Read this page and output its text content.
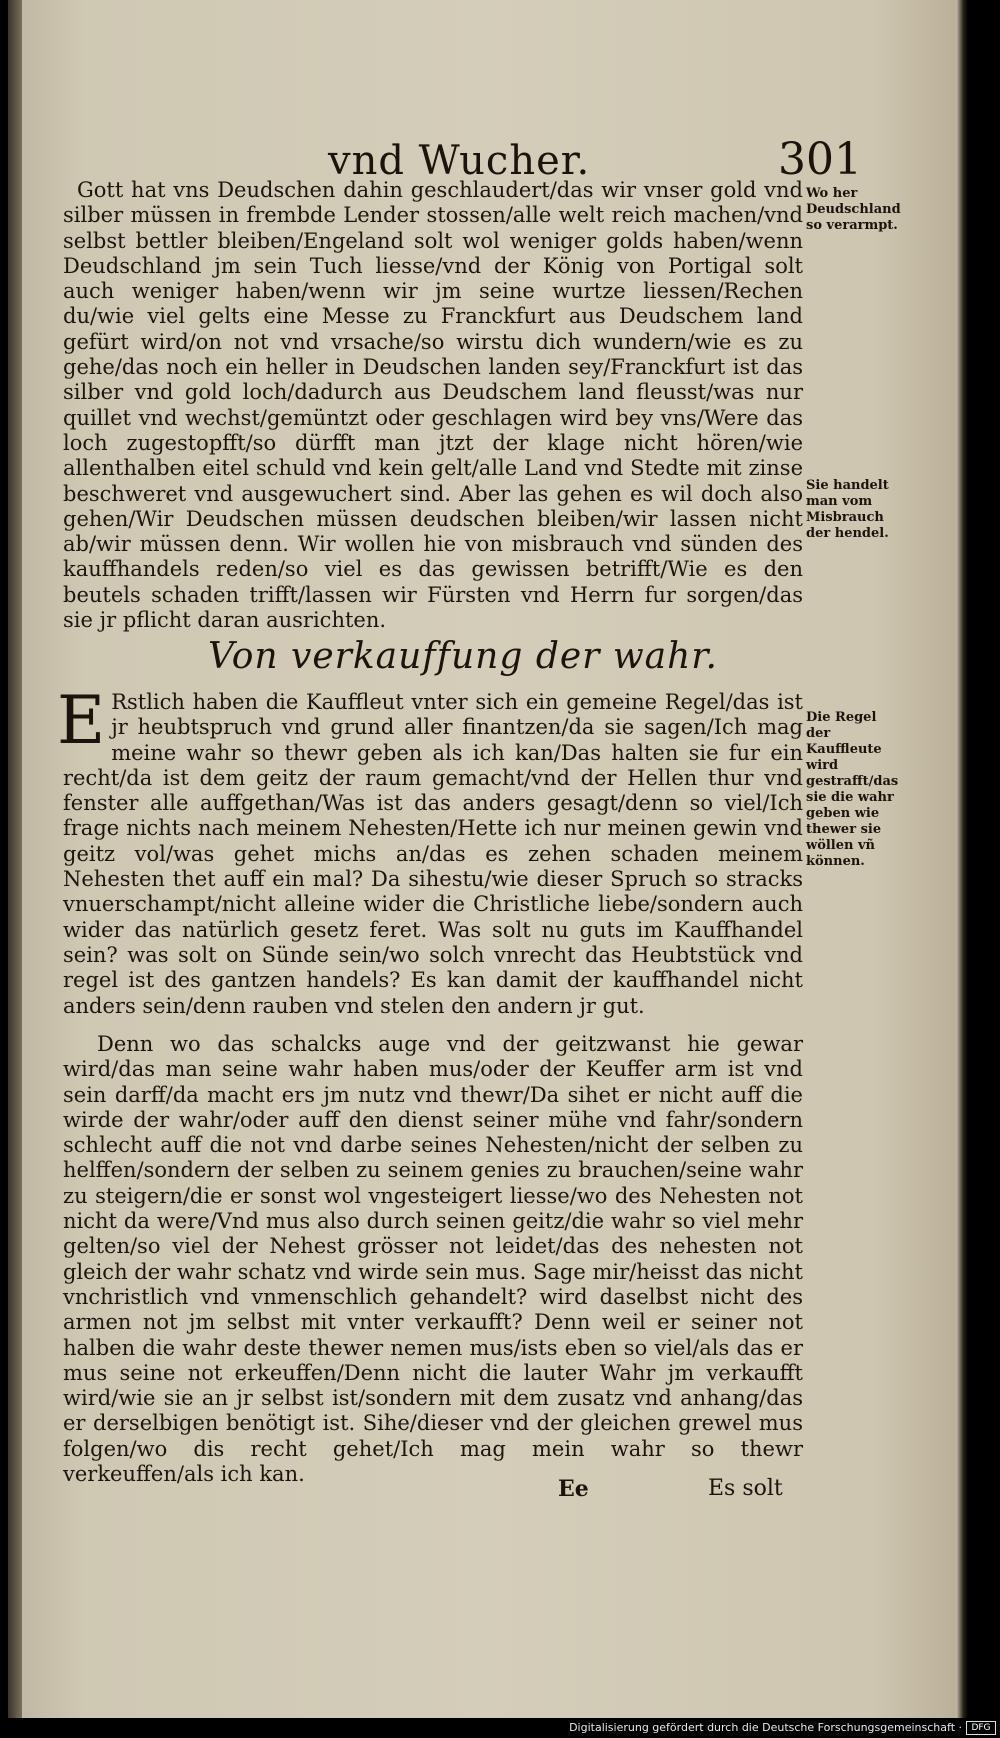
vnd Wucher.	301
Gott hat vns Deudschen dahin geschlaudert/das wir vnser gold vnd silber müssen in frembde Lender stossen/alle welt reich machen/vnd selbst bettler bleiben/Engeland solt wol weniger golds haben/wenn Deudschland jm sein Tuch liesse/vnd der König von Portigal solt auch weniger haben/wenn wir jm seine wurtze liessen/Rechen du/wie viel gelts eine Messe zu Franckfurt aus Deudschem land gefürt wird/on not vnd vrsache/so wirstu dich wundern/wie es zu gehe/das noch ein heller in Deudschen landen sey/Franckfurt ist das silber vnd gold loch/dadurch aus Deudschem land fleusst/was nur quillet vnd wechst/gemüntzt oder geschlagen wird bey vns/Were das loch zugestopfft/so dürfft man jtzt der klage nicht hören/wie allenthalben eitel schuld vnd kein gelt/alle Land vnd Stedte mit zinse beschweret vnd ausgewuchert sind. Aber las gehen es wil doch also gehen/Wir Deudschen müssen deudschen bleiben/wir lassen nicht ab/wir müssen denn. Wir wollen hie von misbrauch vnd sünden des kauffhandels reden/so viel es das gewissen betrifft/Wie es den beutels schaden trifft/lassen wir Fürsten vnd Herrn fur sorgen/das sie jr pflicht daran ausrichten.
Wo her Deudschland so verarmpt.
Sie handelt man vom Misbrauch der hendel.
Von verkauffung der wahr.
E Rstlich haben die Kauffleut vnter sich ein gemeine Regel/das ist jr heubtspruch vnd grund aller finantzen/da sie sagen/Ich mag meine wahr so thewr geben als ich kan/Das halten sie fur ein recht/da ist dem geitz der raum gemacht/vnd der Hellen thur vnd fenster alle auffgethan/Was ist das anders gesagt/denn so viel/Ich frage nichts nach meinem Nehesten/Hette ich nur meinen gewin vnd geitz vol/was gehet michs an/das es zehen schaden meinem Nehesten thet auff ein mal? Da sihestu/wie dieser Spruch so stracks vnuerschampt/nicht alleine wider die Christliche liebe/sondern auch wider das natürlich gesetz feret. Was solt nu guts im Kauffhandel sein? was solt on Sünde sein/wo solch vnrecht das Heubtstück vnd regel ist des gantzen handels? Es kan damit der kauffhandel nicht anders sein/denn rauben vnd stelen den andern jr gut.
Die Regel der Kauffleute wird gestrafft/das sie die wahr geben wie thewer sie wöllen vñ können.
Denn wo das schalcks auge vnd der geitzwanst hie gewar wird/das man seine wahr haben mus/oder der Keuffer arm ist vnd sein darff/da macht ers jm nutz vnd thewr/Da sihet er nicht auff die wirde der wahr/oder auff den dienst seiner mühe vnd fahr/sondern schlecht auff die not vnd darbe seines Nehesten/nicht der selben zu helffen/sondern der selben zu seinem genies zu brauchen/seine wahr zu steigern/die er sonst wol vngesteigert liesse/wo des Nehesten not nicht da were/Vnd mus also durch seinen geitz/die wahr so viel mehr gelten/so viel der Nehest grösser not leidet/das des nehesten not gleich der wahr schatz vnd wirde sein mus. Sage mir/heisst das nicht vnchristlich vnd vnmenschlich gehandelt? wird daselbst nicht des armen not jm selbst mit vnter verkaufft? Denn weil er seiner not halben die wahr deste thewer nemen mus/ists eben so viel/als das er mus seine not erkeuffen/Denn nicht die lauter Wahr jm verkaufft wird/wie sie an jr selbst ist/sondern mit dem zusatz vnd anhang/das er derselbigen benötigt ist. Sihe/dieser vnd der gleichen grewel mus folgen/wo dis recht gehet/Ich mag mein wahr so thewr verkeuffen/als ich kan.
Ee	Es solt
Digitalisierung gefördert durch die Deutsche Forschungsgemeinschaft ·	DFG
